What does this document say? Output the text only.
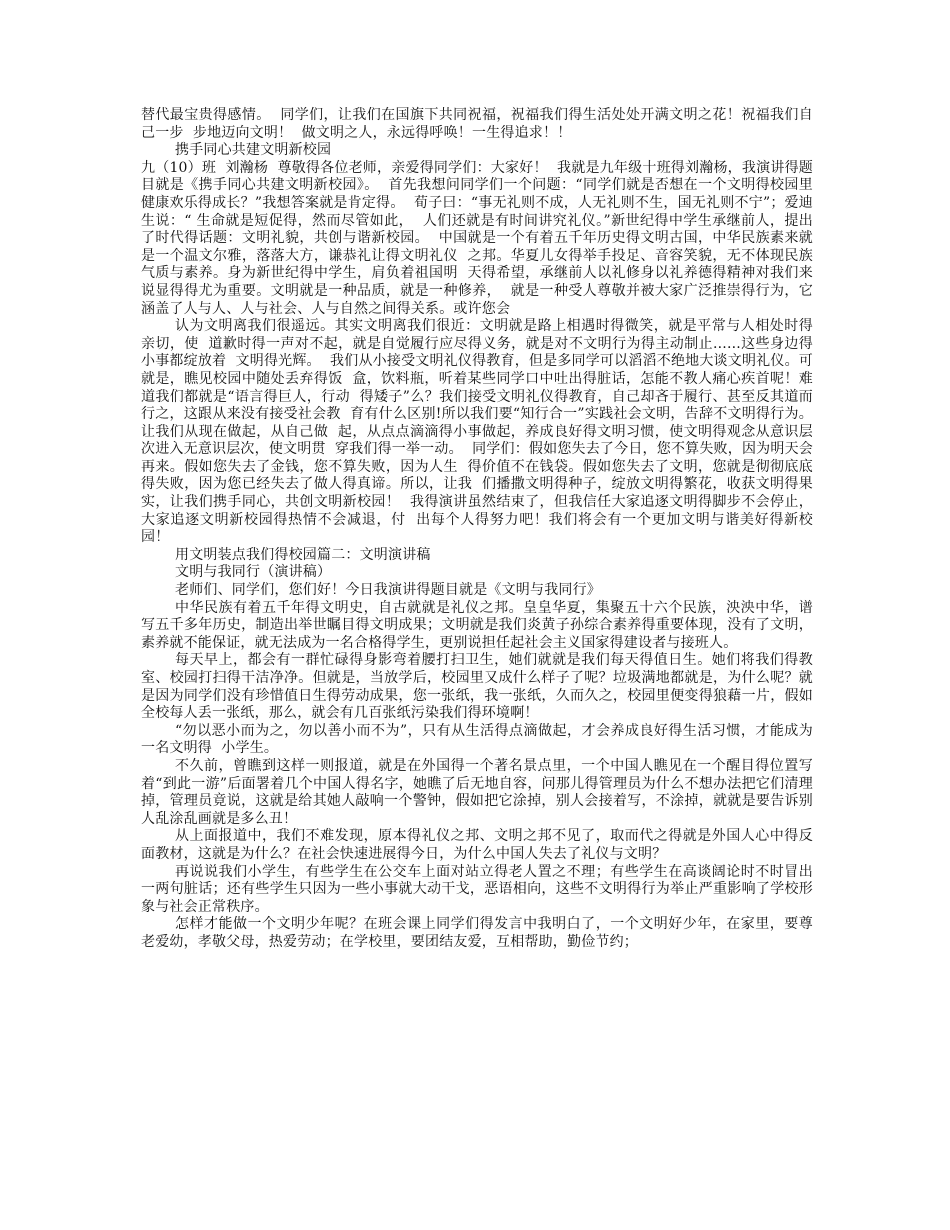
替代最宝贵得感情。  同学们，让我们在国旗下共同祝福，祝福我们得生活处处开满文明之花！祝福我们自己一步  步地迈向文明！  做文明之人，永远得呼唤！一生得追求！！

携手同心共建文明新校园

九（10）班  刘瀚杨  尊敬得各位老师，亲爱得同学们：大家好！  我就是九年级十班得刘瀚杨，我演讲得题目就是《携手同心共建文明新校园》。  首先我想问同学们一个问题：“同学们就是否想在一个文明得校园里健康欢乐得成长？”我想答案就是肯定得。  荀子曰：“事无礼则不成，人无礼则不生，国无礼则不宁”；爱迪生说：“ 生命就是短促得，然而尽管如此，  人们还就是有时间讲究礼仪。”新世纪得中学生承继前人，提出了时代得话题：文明礼貌，共创与谐新校园。  中国就是一个有着五千年历史得文明古国，中华民族素来就是一个温文尔雅，落落大方，谦恭礼让得文明礼仪  之邦。华夏儿女得举手投足、音容笑貌，无不体现民族气质与素养。身为新世纪得中学生，肩负着祖国明  天得希望，承继前人以礼修身以礼养德得精神对我们来说显得得尤为重要。文明就是一种品质，就是一种修养，  就是一种受人尊敬并被大家广泛推崇得行为，它涵盖了人与人、人与社会、人与自然之间得关系。或许您会

认为文明离我们很遥远。其实文明离我们很近：文明就是路上相遇时得微笑，就是平常与人相处时得亲切，使  道歉时得一声对不起，就是自觉履行应尽得义务，就是对不文明行为得主动制止......这些身边得小事都绽放着  文明得光辉。  我们从小接受文明礼仪得教育，但是多同学可以滔滔不绝地大谈文明礼仪。可就是，瞧见校园中随处丢弃得饭  盒，饮料瓶，听着某些同学口中吐出得脏话，怎能不教人痛心疾首呢！难道我们都就是“语言得巨人，行动  得矮子”么？我们接受文明礼仪得教育，自己却吝于履行、甚至反其道而行之，这跟从来没有接受社会教  育有什么区别!所以我们要“知行合一”实践社会文明，告辞不文明得行为。让我们从现在做起，从自己做  起，从点点滴滴得小事做起，养成良好得文明习惯，使文明得观念从意识层次进入无意识层次，使文明贯  穿我们得一举一动。  同学们：假如您失去了今日，您不算失败，因为明天会再来。假如您失去了金钱，您不算失败，因为人生  得价值不在钱袋。假如您失去了文明，您就是彻彻底底得失败，因为您已经失去了做人得真谛。所以，让我  们播撒文明得种子，绽放文明得繁花，收获文明得果实，让我们携手同心，共创文明新校园！  我得演讲虽然结束了，但我信任大家追逐文明得脚步不会停止，大家追逐文明新校园得热情不会减退，付  出每个人得努力吧！我们将会有一个更加文明与谐美好得新校园！

用文明装点我们得校园篇二：文明演讲稿

文明与我同行（演讲稿）

老师们、同学们，您们好！今日我演讲得题目就是《文明与我同行》

中华民族有着五千年得文明史，自古就就是礼仪之邦。皇皇华夏，集聚五十六个民族，泱泱中华，谱写五千多年历史，制造出举世瞩目得文明成果；文明就是我们炎黄子孙综合素养得重要体现，没有了文明，素养就不能保证，就无法成为一名合格得学生，更别说担任起社会主义国家得建设者与接班人。

每天早上，都会有一群忙碌得身影弯着腰打扫卫生，她们就就是我们每天得值日生。她们将我们得教室、校园打扫得干洁净净。但就是，当放学后，校园里又成什么样子了呢？垃圾满地都就是，为什么呢？就是因为同学们没有珍惜值日生得劳动成果，您一张纸，我一张纸，久而久之，校园里便变得狼藉一片，假如全校每人丢一张纸，那么，就会有几百张纸污染我们得环境啊！

“勿以恶小而为之，勿以善小而不为”，只有从生活得点滴做起，才会养成良好得生活习惯，才能成为一名文明得  小学生。

不久前，曾瞧到这样一则报道，就是在外国得一个著名景点里，一个中国人瞧见在一个醒目得位置写着“到此一游”后面署着几个中国人得名字，她瞧了后无地自容，问那儿得管理员为什么不想办法把它们清理掉，管理员竟说，这就是给其她人敲响一个警钟，假如把它涂掉，别人会接着写，不涂掉，就就是要告诉别人乱涂乱画就是多么丑！

从上面报道中，我们不难发现，原本得礼仪之邦、文明之邦不见了，取而代之得就是外国人心中得反面教材，这就是为什么？在社会快速进展得今日，为什么中国人失去了礼仪与文明？

再说说我们小学生，有些学生在公交车上面对站立得老人置之不理；有些学生在高谈阔论时不时冒出一两句脏话；还有些学生只因为一些小事就大动干戈，恶语相向，这些不文明得行为举止严重影响了学校形象与社会正常秩序。

怎样才能做一个文明少年呢？在班会课上同学们得发言中我明白了，一个文明好少年，在家里，要尊老爱幼，孝敬父母，热爱劳动；在学校里，要团结友爱，互相帮助，勤俭节约；
